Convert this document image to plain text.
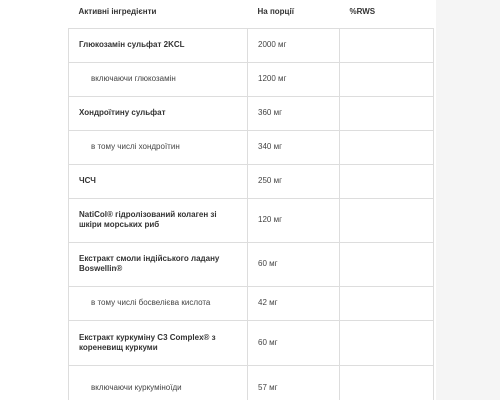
Активні інгредієнти	На порції	%RWS
Глюкозамін сульфат 2KCL	2000 мг	
включаючи глюкозамін	1200 мг	
Хондроїтину сульфат	360 мг	
в тому числі хондроїтин	340 мг	
ЧСЧ	250 мг	
NatiCol® гідролізований колаген зі шкіри морських риб	120 мг	
Екстракт смоли індійського ладану Boswellin®	60 мг	
в тому числі босвелієва кислота	42 мг	
Екстракт куркуміну C3 Complex® з кореневищ куркуми	60 мг	
включаючи куркуміноїди	57 мг	
